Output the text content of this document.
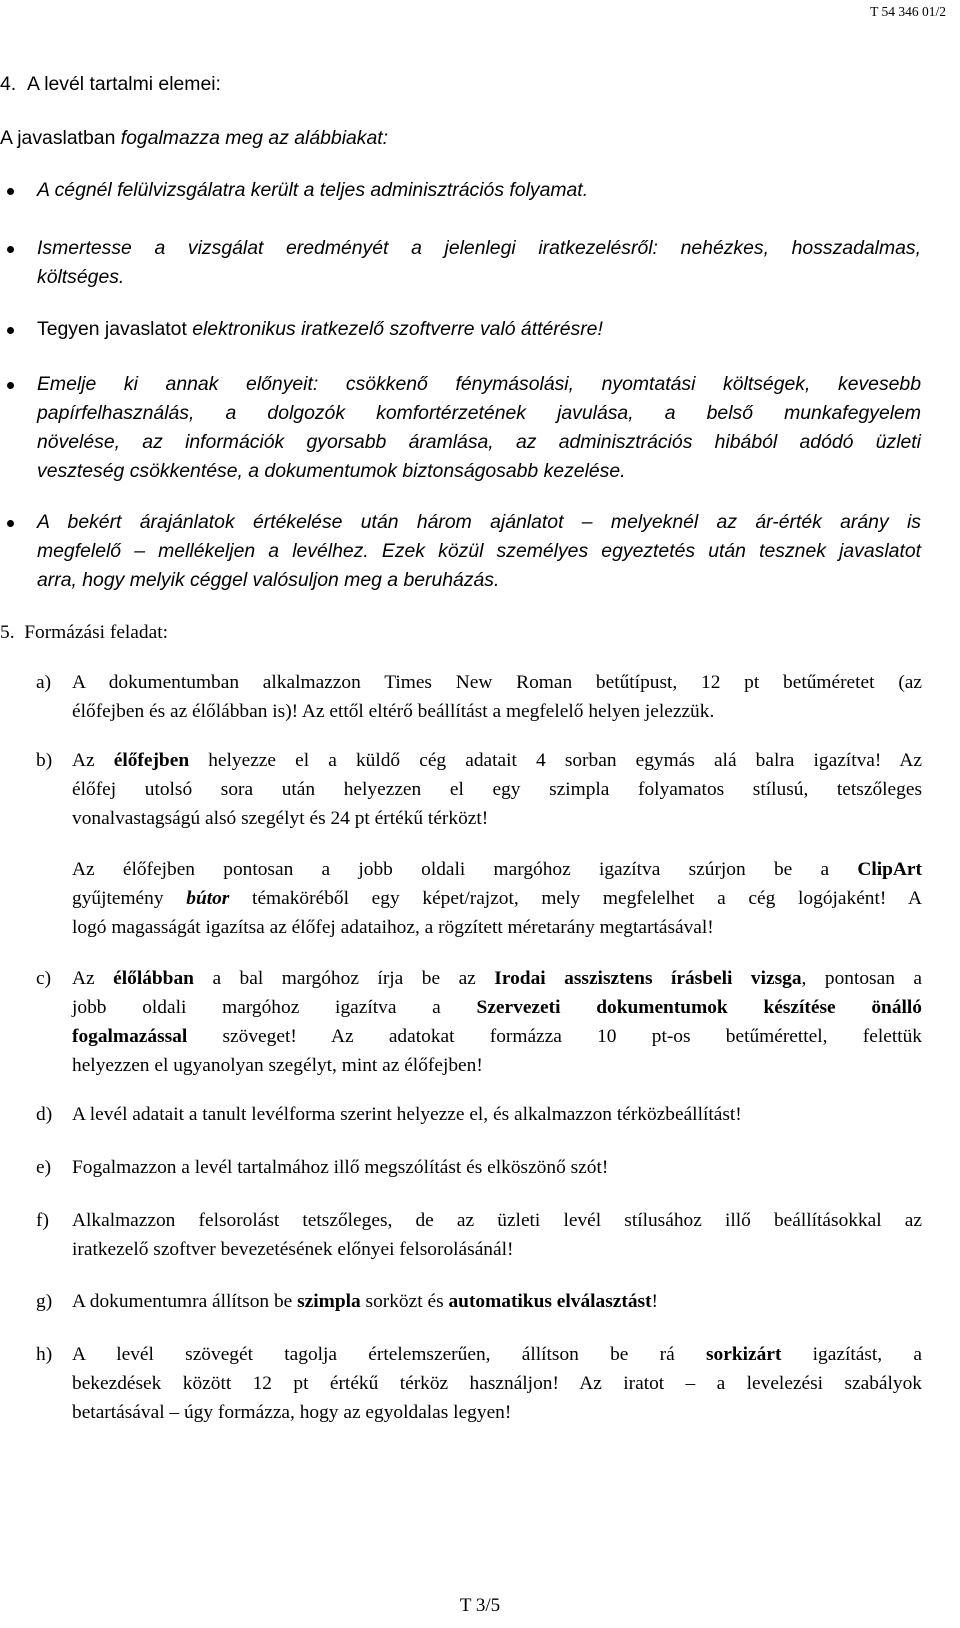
T 54 346 01/2
4.  A levél tartalmi elemei:
A javaslatban fogalmazza meg az alábbiakat:
A cégnél felülvizsgálatra került a teljes adminisztrációs folyamat.
Ismertesse a vizsgálat eredményét a jelenlegi iratkezelésről: nehézkes, hosszadalmas,
költséges.
Tegyen javaslatot elektronikus iratkezelő szoftverre való áttérésre!
Emelje ki annak előnyeit: csökkenő fénymásolási, nyomtatási költségek, kevesebb
papírfelhasználás, a dolgozók komfortérzetének javulása, a belső munkafegyelem
növelése, az információk gyorsabb áramlása, az adminisztrációs hibából adódó üzleti
veszteség csökkentése, a dokumentumok biztonságosabb kezelése.
A bekért árajánlatok értékelése után három ajánlatot – melyeknél az ár-érték arány is
megfelelő – mellékeljen a levélhez. Ezek közül személyes egyeztetés után tesznek javaslatot
arra, hogy melyik céggel valósuljon meg a beruházás.
5.  Formázási feladat:
a) A dokumentumban alkalmazzon Times New Roman betűtípust, 12 pt betűméretet (az
élőfejben és az élőlábban is)! Az ettől eltérő beállítást a megfelelő helyen jelezzük.
b) Az élőfejben helyezze el a küldő cég adatait 4 sorban egymás alá balra igazítva! Az
élőfej utolsó sora után helyezzen el egy szimpla folyamatos stílusú, tetszőleges
vonalvastagságú alsó szegélyt és 24 pt értékű térközt!
Az élőfejben pontosan a jobb oldali margóhoz igazítva szúrjon be a ClipArt
gyűjtemény bútor témaköréből egy képet/rajzot, mely megfelelhet a cég logójaként! A
logó magasságát igazítsa az élőfej adataihoz, a rögzített méretarány megtartásával!
c) Az élőlábban a bal margóhoz írja be az Irodai asszisztens írásbeli vizsga, pontosan a
jobb oldali margóhoz igazítva a Szervezeti dokumentumok készítése önálló
fogalmazással szöveget! Az adatokat formázza 10 pt-os betűmérettel, felettük
helyezzen el ugyanolyan szegélyt, mint az élőfejben!
d) A levél adatait a tanult levélforma szerint helyezze el, és alkalmazzon térközbeállítást!
e) Fogalmazzon a levél tartalmához illő megszólítást és elköszönő szót!
f) Alkalmazzon felsorolást tetszőleges, de az üzleti levél stílusához illő beállításokkal az
iratkezelő szoftver bevezetésének előnyei felsorolásánál!
g) A dokumentumra állítson be szimpla sorközt és automatikus elválasztást!
h) A levél szövegét tagolja értelemszerűen, állítson be rá sorkizárt igazítást, a
bekezdések között 12 pt értékű térköz használjon! Az iratot – a levelezési szabályok
betartásával – úgy formázza, hogy az egyoldalas legyen!
T 3/5
